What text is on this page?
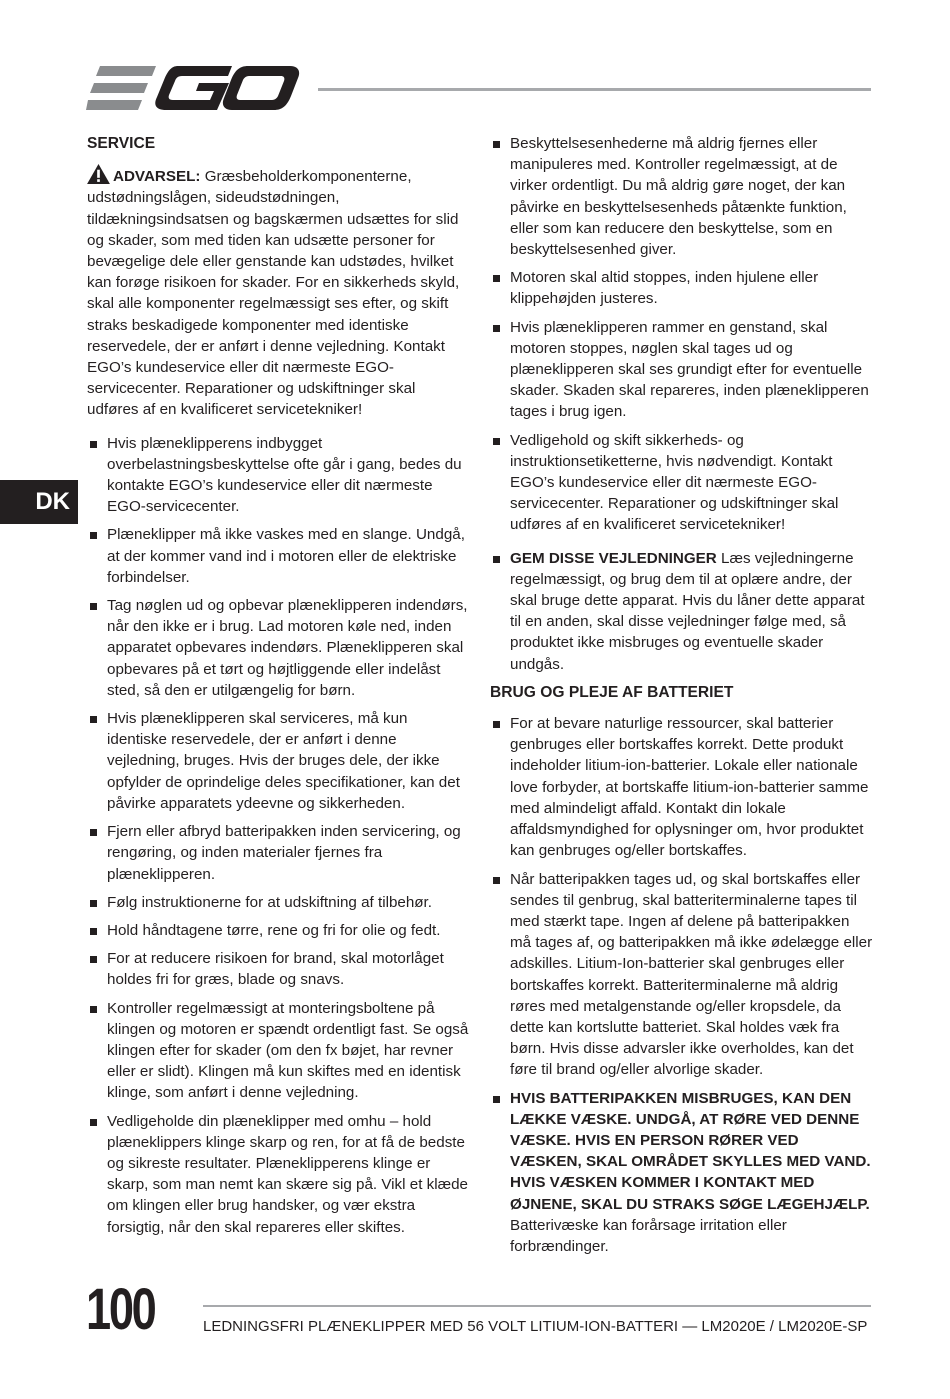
DK
SERVICE

ADVARSEL: Græsbeholderkomponenterne, udstødningslågen, sideudstødningen, tildækningsindsatsen og bagskærmen udsættes for slid og skader, som med tiden kan udsætte personer for bevægelige dele eller genstande kan udstødes, hvilket kan forøge risikoen for skader. For en sikkerheds skyld, skal alle komponenter regelmæssigt ses efter, og skift straks beskadigede komponenter med identiske reservedele, der er anført i denne vejledning. Kontakt EGO’s kundeservice eller dit nærmeste EGO-servicecenter. Reparationer og udskiftninger skal udføres af en kvalificeret servicetekniker!

Hvis plæneklipperens indbygget overbelastningsbeskyttelse ofte går i gang, bedes du kontakte EGO’s kundeservice eller dit nærmeste EGO-servicecenter.
Plæneklipper må ikke vaskes med en slange. Undgå, at der kommer vand ind i motoren eller de elektriske forbindelser.
Tag nøglen ud og opbevar plæneklipperen indendørs, når den ikke er i brug. Lad motoren køle ned, inden apparatet opbevares indendørs. Plæneklipperen skal opbevares på et tørt og højtliggende eller indelåst sted, så den er utilgængelig for børn.
Hvis plæneklipperen skal serviceres, må kun identiske reservedele, der er anført i denne vejledning, bruges. Hvis der bruges dele, der ikke opfylder de oprindelige deles specifikationer, kan det påvirke apparatets ydeevne og sikkerheden.
Fjern eller afbryd batteripakken inden servicering, og rengøring, og inden materialer fjernes fra plæneklipperen.
Følg instruktionerne for at udskiftning af tilbehør.
Hold håndtagene tørre, rene og fri for olie og fedt.
For at reducere risikoen for brand, skal motorlåget holdes fri for græs, blade og snavs.
Kontroller regelmæssigt at monteringsboltene på klingen og motoren er spændt ordentligt fast. Se også klingen efter for skader (om den fx bøjet, har revner eller er slidt). Klingen må kun skiftes med en identisk klinge, som anført i denne vejledning.
Vedligeholde din plæneklipper med omhu – hold plæneklippers klinge skarp og ren, for at få de bedste og sikreste resultater. Plæneklipperens klinge er skarp, som man nemt kan skære sig på. Vikl et klæde om klingen eller brug handsker, og vær ekstra forsigtig, når den skal repareres eller skiftes.
Beskyttelsesenhederne må aldrig fjernes eller manipuleres med. Kontroller regelmæssigt, at de virker ordentligt. Du må aldrig gøre noget, der kan påvirke en beskyttelsesenheds påtænkte funktion, eller som kan reducere den beskyttelse, som en beskyttelsesenhed giver.
Motoren skal altid stoppes, inden hjulene eller klippehøjden justeres.
Hvis plæneklipperen rammer en genstand, skal motoren stoppes, nøglen skal tages ud og plæneklipperen skal ses grundigt efter for eventuelle skader. Skaden skal repareres, inden plæneklipperen tages i brug igen.
Vedligehold og skift sikkerheds- og instruktionsetiketterne, hvis nødvendigt. Kontakt EGO’s kundeservice eller dit nærmeste EGO-servicecenter. Reparationer og udskiftninger skal udføres af en kvalificeret servicetekniker!
GEM DISSE VEJLEDNINGER Læs vejledningerne regelmæssigt, og brug dem til at oplære andre, der skal bruge dette apparat. Hvis du låner dette apparat til en anden, skal disse vejledninger følge med, så produktet ikke misbruges og eventuelle skader undgås.
BRUG OG PLEJE AF BATTERIET
For at bevare naturlige ressourcer, skal batterier genbruges eller bortskaffes korrekt. Dette produkt indeholder litium-ion-batterier. Lokale eller nationale love forbyder, at bortskaffe litium-ion-batterier samme med almindeligt affald. Kontakt din lokale affaldsmyndighed for oplysninger om, hvor produktet kan genbruges og/eller bortskaffes.
Når batteripakken tages ud, og skal bortskaffes eller sendes til genbrug, skal batteriterminalerne tapes til med stærkt tape. Ingen af delene på batteripakken må tages af, og batteripakken må ikke ødelægge eller adskilles. Litium-Ion-batterier skal genbruges eller bortskaffes korrekt. Batteriterminalerne må aldrig røres med metalgenstande og/eller kropsdele, da dette kan kortslutte batteriet. Skal holdes væk fra børn. Hvis disse advarsler ikke overholdes, kan det føre til brand og/eller alvorlige skader.
HVIS BATTERIPAKKEN MISBRUGES, KAN DEN LÆKKE VÆSKE. UNDGÅ, AT RØRE VED DENNE VÆSKE. HVIS EN PERSON RØRER VED VÆSKEN, SKAL OMRÅDET SKYLLES MED VAND. HVIS VÆSKEN KOMMER I KONTAKT MED ØJNENE, SKAL DU STRAKS SØGE LÆGEHJÆLP. Batterivæske kan forårsage irritation eller forbrændinger.
100	LEDNINGSFRI PLÆNEKLIPPER MED 56 VOLT LITIUM-ION-BATTERI — LM2020E / LM2020E-SP
